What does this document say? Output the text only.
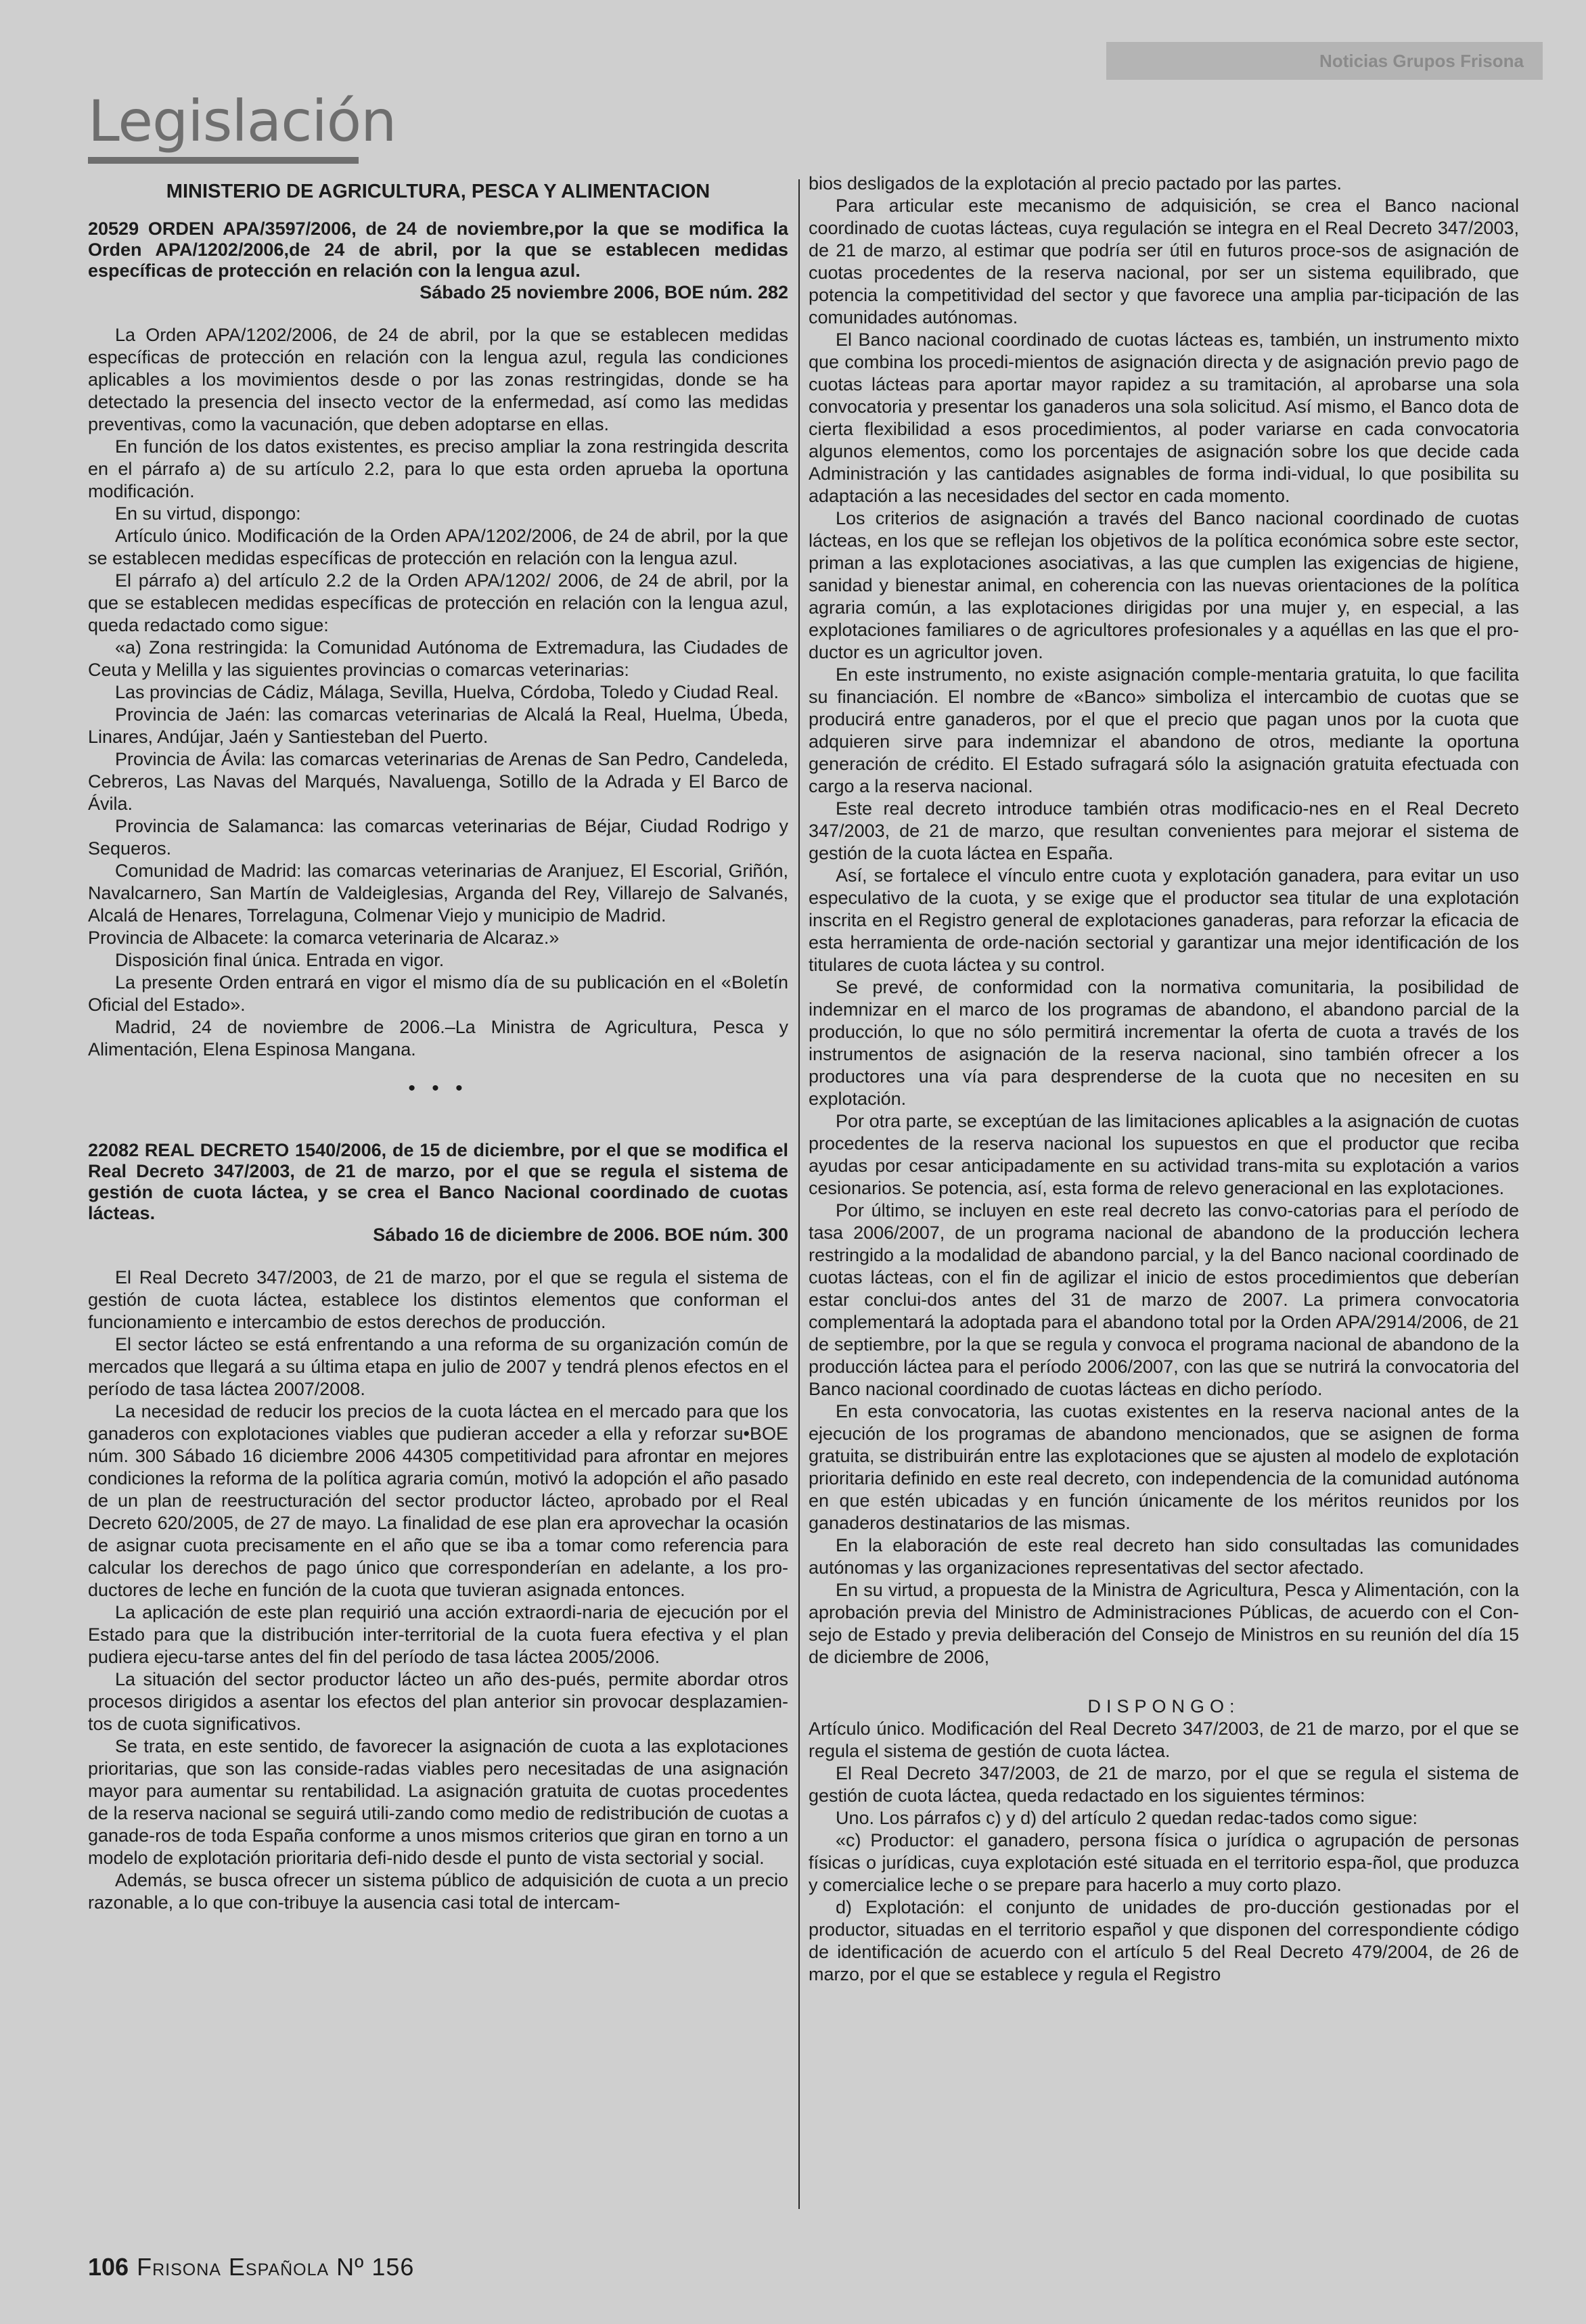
Noticias Grupos Frisona
Legislación
MINISTERIO DE AGRICULTURA, PESCA Y ALIMENTACION
20529 ORDEN APA/3597/2006, de 24 de noviembre,por la que se modifica la Orden APA/1202/2006,de 24 de abril, por la que se establecen medidas específicas de protección en relación con la lengua azul.
Sábado 25 noviembre 2006, BOE núm. 282

La Orden APA/1202/2006, de 24 de abril, por la que se establecen medidas específicas de protección en relación con la lengua azul, regula las condiciones aplicables a los movimientos desde o por las zonas restringidas, donde se ha detectado la presencia del insecto vector de la enfermedad, así como las medidas preventivas, como la vacunación, que deben adoptarse en ellas.

En función de los datos existentes, es preciso ampliar la zona restringida descrita en el párrafo a) de su artículo 2.2, para lo que esta orden aprueba la oportuna modificación.

En su virtud, dispongo:

Artículo único. Modificación de la Orden APA/1202/2006, de 24 de abril, por la que se establecen medidas específicas de protección en relación con la lengua azul.

El párrafo a) del artículo 2.2 de la Orden APA/1202/ 2006, de 24 de abril, por la que se establecen medidas específicas de protección en relación con la lengua azul, queda redactado como sigue:

«a) Zona restringida: la Comunidad Autónoma de Extremadura, las Ciudades de Ceuta y Melilla y las siguientes provincias o comarcas veterinarias:

Las provincias de Cádiz, Málaga, Sevilla, Huelva, Córdoba, Toledo y Ciudad Real.

Provincia de Jaén: las comarcas veterinarias de Alcalá la Real, Huelma, Úbeda, Linares, Andújar, Jaén y Santiesteban del Puerto.

Provincia de Ávila: las comarcas veterinarias de Arenas de San Pedro, Candeleda, Cebreros, Las Navas del Marqués, Navaluenga, Sotillo de la Adrada y El Barco de Ávila.

Provincia de Salamanca: las comarcas veterinarias de Béjar, Ciudad Rodrigo y Sequeros.

Comunidad de Madrid: las comarcas veterinarias de Aranjuez, El Escorial, Griñón, Navalcarnero, San Martín de Valdeiglesias, Arganda del Rey, Villarejo de Salvanés, Alcalá de Henares, Torrelaguna, Colmenar Viejo y municipio de Madrid.

Provincia de Albacete: la comarca veterinaria de Alcaraz.»

Disposición final única. Entrada en vigor.

La presente Orden entrará en vigor el mismo día de su publicación en el «Boletín Oficial del Estado».

Madrid, 24 de noviembre de 2006.–La Ministra de Agricultura, Pesca y Alimentación, Elena Espinosa Mangana.

• • •
22082 REAL DECRETO 1540/2006, de 15 de diciembre, por el que se modifica el Real Decreto 347/2003, de 21 de marzo, por el que se regula el sistema de gestión de cuota láctea, y se crea el Banco Nacional coordinado de cuotas lácteas.
Sábado 16 de diciembre de 2006. BOE núm. 300

El Real Decreto 347/2003, de 21 de marzo, por el que se regula el sistema de gestión de cuota láctea, establece los distintos elementos que conforman el funcionamiento e intercambio de estos derechos de producción.

El sector lácteo se está enfrentando a una reforma de su organización común de mercados que llegará a su última etapa en julio de 2007 y tendrá plenos efectos en el período de tasa láctea 2007/2008.

La necesidad de reducir los precios de la cuota láctea en el mercado para que los ganaderos con explotaciones viables que pudieran acceder a ella y reforzar su•BOE núm. 300 Sábado 16 diciembre 2006 44305 competitividad para afrontar en mejores condiciones la reforma de la política agraria común, motivó la adopción el año pasado de un plan de reestructuración del sector productor lácteo, aprobado por el Real Decreto 620/2005, de 27 de mayo. La finalidad de ese plan era aprovechar la ocasión de asignar cuota precisamente en el año que se iba a tomar como referencia para calcular los derechos de pago único que corresponderían en adelante, a los pro-ductores de leche en función de la cuota que tuvieran asignada entonces.

La aplicación de este plan requirió una acción extraordi-naria de ejecución por el Estado para que la distribución inter-territorial de la cuota fuera efectiva y el plan pudiera ejecu-tarse antes del fin del período de tasa láctea 2005/2006.

La situación del sector productor lácteo un año des-pués, permite abordar otros procesos dirigidos a asentar los efectos del plan anterior sin provocar desplazamien-tos de cuota significativos.

Se trata, en este sentido, de favorecer la asignación de cuota a las explotaciones prioritarias, que son las conside-radas viables pero necesitadas de una asignación mayor para aumentar su rentabilidad. La asignación gratuita de cuotas procedentes de la reserva nacional se seguirá utili-zando como medio de redistribución de cuotas a ganade-ros de toda España conforme a unos mismos criterios que giran en torno a un modelo de explotación prioritaria defi-nido desde el punto de vista sectorial y social.

Además, se busca ofrecer un sistema público de adquisición de cuota a un precio razonable, a lo que con-tribuye la ausencia casi total de intercam-

bios desligados de la explotación al precio pactado por las partes.

Para articular este mecanismo de adquisición, se crea el Banco nacional coordinado de cuotas lácteas, cuya regulación se integra en el Real Decreto 347/2003, de 21 de marzo, al estimar que podría ser útil en futuros proce-sos de asignación de cuotas procedentes de la reserva nacional, por ser un sistema equilibrado, que potencia la competitividad del sector y que favorece una amplia par-ticipación de las comunidades autónomas.

El Banco nacional coordinado de cuotas lácteas es, también, un instrumento mixto que combina los procedi-mientos de asignación directa y de asignación previo pago de cuotas lácteas para aportar mayor rapidez a su tramitación, al aprobarse una sola convocatoria y presentar los ganaderos una sola solicitud. Así mismo, el Banco dota de cierta flexibilidad a esos procedimientos, al poder variarse en cada convocatoria algunos elementos, como los porcentajes de asignación sobre los que decide cada Administración y las cantidades asignables de forma indi-vidual, lo que posibilita su adaptación a las necesidades del sector en cada momento.

Los criterios de asignación a través del Banco nacional coordinado de cuotas lácteas, en los que se reflejan los objetivos de la política económica sobre este sector, priman a las explotaciones asociativas, a las que cumplen las exigencias de higiene, sanidad y bienestar animal, en coherencia con las nuevas orientaciones de la política agraria común, a las explotaciones dirigidas por una mujer y, en especial, a las explotaciones familiares o de agricultores profesionales y a aquéllas en las que el pro-ductor es un agricultor joven.

En este instrumento, no existe asignación comple-mentaria gratuita, lo que facilita su financiación. El nombre de «Banco» simboliza el intercambio de cuotas que se producirá entre ganaderos, por el que el precio que pagan unos por la cuota que adquieren sirve para indemnizar el abandono de otros, mediante la oportuna generación de crédito. El Estado sufragará sólo la asignación gratuita efectuada con cargo a la reserva nacional.

Este real decreto introduce también otras modificacio-nes en el Real Decreto 347/2003, de 21 de marzo, que resultan convenientes para mejorar el sistema de gestión de la cuota láctea en España.

Así, se fortalece el vínculo entre cuota y explotación ganadera, para evitar un uso especulativo de la cuota, y se exige que el productor sea titular de una explotación inscrita en el Registro general de explotaciones ganaderas, para reforzar la eficacia de esta herramienta de orde-nación sectorial y garantizar una mejor identificación de los titulares de cuota láctea y su control.

Se prevé, de conformidad con la normativa comunitaria, la posibilidad de indemnizar en el marco de los programas de abandono, el abandono parcial de la producción, lo que no sólo permitirá incrementar la oferta de cuota a través de los instrumentos de asignación de la reserva nacional, sino también ofrecer a los productores una vía para desprenderse de la cuota que no necesiten en su explotación.

Por otra parte, se exceptúan de las limitaciones aplicables a la asignación de cuotas procedentes de la reserva nacional los supuestos en que el productor que reciba ayudas por cesar anticipadamente en su actividad trans-mita su explotación a varios cesionarios. Se potencia, así, esta forma de relevo generacional en las explotaciones.

Por último, se incluyen en este real decreto las convo-catorias para el período de tasa 2006/2007, de un programa nacional de abandono de la producción lechera restringido a la modalidad de abandono parcial, y la del Banco nacional coordinado de cuotas lácteas, con el fin de agilizar el inicio de estos procedimientos que deberían estar conclui-dos antes del 31 de marzo de 2007. La primera convocatoria complementará la adoptada para el abandono total por la Orden APA/2914/2006, de 21 de septiembre, por la que se regula y convoca el programa nacional de abandono de la producción láctea para el período 2006/2007, con las que se nutrirá la convocatoria del Banco nacional coordinado de cuotas lácteas en dicho período.

En esta convocatoria, las cuotas existentes en la reserva nacional antes de la ejecución de los programas de abandono mencionados, que se asignen de forma gratuita, se distribuirán entre las explotaciones que se ajusten al modelo de explotación prioritaria definido en este real decreto, con independencia de la comunidad autónoma en que estén ubicadas y en función únicamente de los méritos reunidos por los ganaderos destinatarios de las mismas.

En la elaboración de este real decreto han sido consultadas las comunidades autónomas y las organizaciones representativas del sector afectado.

En su virtud, a propuesta de la Ministra de Agricultura, Pesca y Alimentación, con la aprobación previa del Ministro de Administraciones Públicas, de acuerdo con el Con-sejo de Estado y previa deliberación del Consejo de Ministros en su reunión del día 15 de diciembre de 2006,

DISPONGO:

Artículo único. Modificación del Real Decreto 347/2003, de 21 de marzo, por el que se regula el sistema de gestión de cuota láctea.

El Real Decreto 347/2003, de 21 de marzo, por el que se regula el sistema de gestión de cuota láctea, queda redactado en los siguientes términos:

Uno. Los párrafos c) y d) del artículo 2 quedan redac-tados como sigue:

«c) Productor: el ganadero, persona física o jurídica o agrupación de personas físicas o jurídicas, cuya explotación esté situada en el territorio espa-ñol, que produzca y comercialice leche o se prepare para hacerlo a muy corto plazo.

d) Explotación: el conjunto de unidades de pro-ducción gestionadas por el productor, situadas en el territorio español y que disponen del correspondiente código de identificación de acuerdo con el artículo 5 del Real Decreto 479/2004, de 26 de marzo, por el que se establece y regula el Registro

106 Frisona Española Nº 156
